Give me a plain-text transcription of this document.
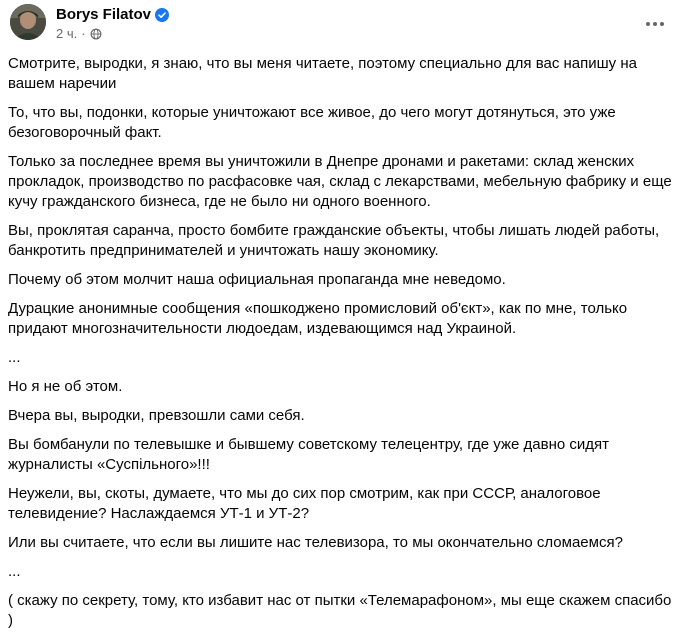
Borys Filatov
2 ч. ·

Смотрите, выродки, я знаю, что вы меня читаете, поэтому специально для вас напишу на вашем наречии

То, что вы, подонки, которые уничтожают все живое, до чего могут дотянуться, это уже безоговорочный факт.

Только за последнее время вы уничтожили в Днепре дронами и ракетами: склад женских прокладок, производство по расфасовке чая, склад с лекарствами, мебельную фабрику и еще кучу гражданского бизнеса, где не было ни одного военного.

Вы, проклятая саранча, просто бомбите гражданские объекты, чтобы лишать людей работы, банкротить предпринимателей и уничтожать нашу экономику.

Почему об этом молчит наша официальная пропаганда мне неведомо.

Дурацкие анонимные сообщения «пошкоджено промисловий об'єкт», как по мне, только придают многозначительности людоедам, издевающимся над Украиной.

...

Но я не об этом.

Вчера вы, выродки, превзошли сами себя.

Вы бомбанули по телевышке и бывшему советскому телецентру, где уже давно сидят журналисты «Суспільного»!!!

Неужели, вы, скоты, думаете, что мы до сих пор смотрим, как при СССР, аналоговое телевидение? Наслаждаемся УТ-1 и УТ-2?

Или вы считаете, что если вы лишите нас телевизора, то мы окончательно сломаемся?

...

( скажу по секрету, тому, кто избавит нас от пытки «Телемарафоном», мы еще скажем спасибо )
